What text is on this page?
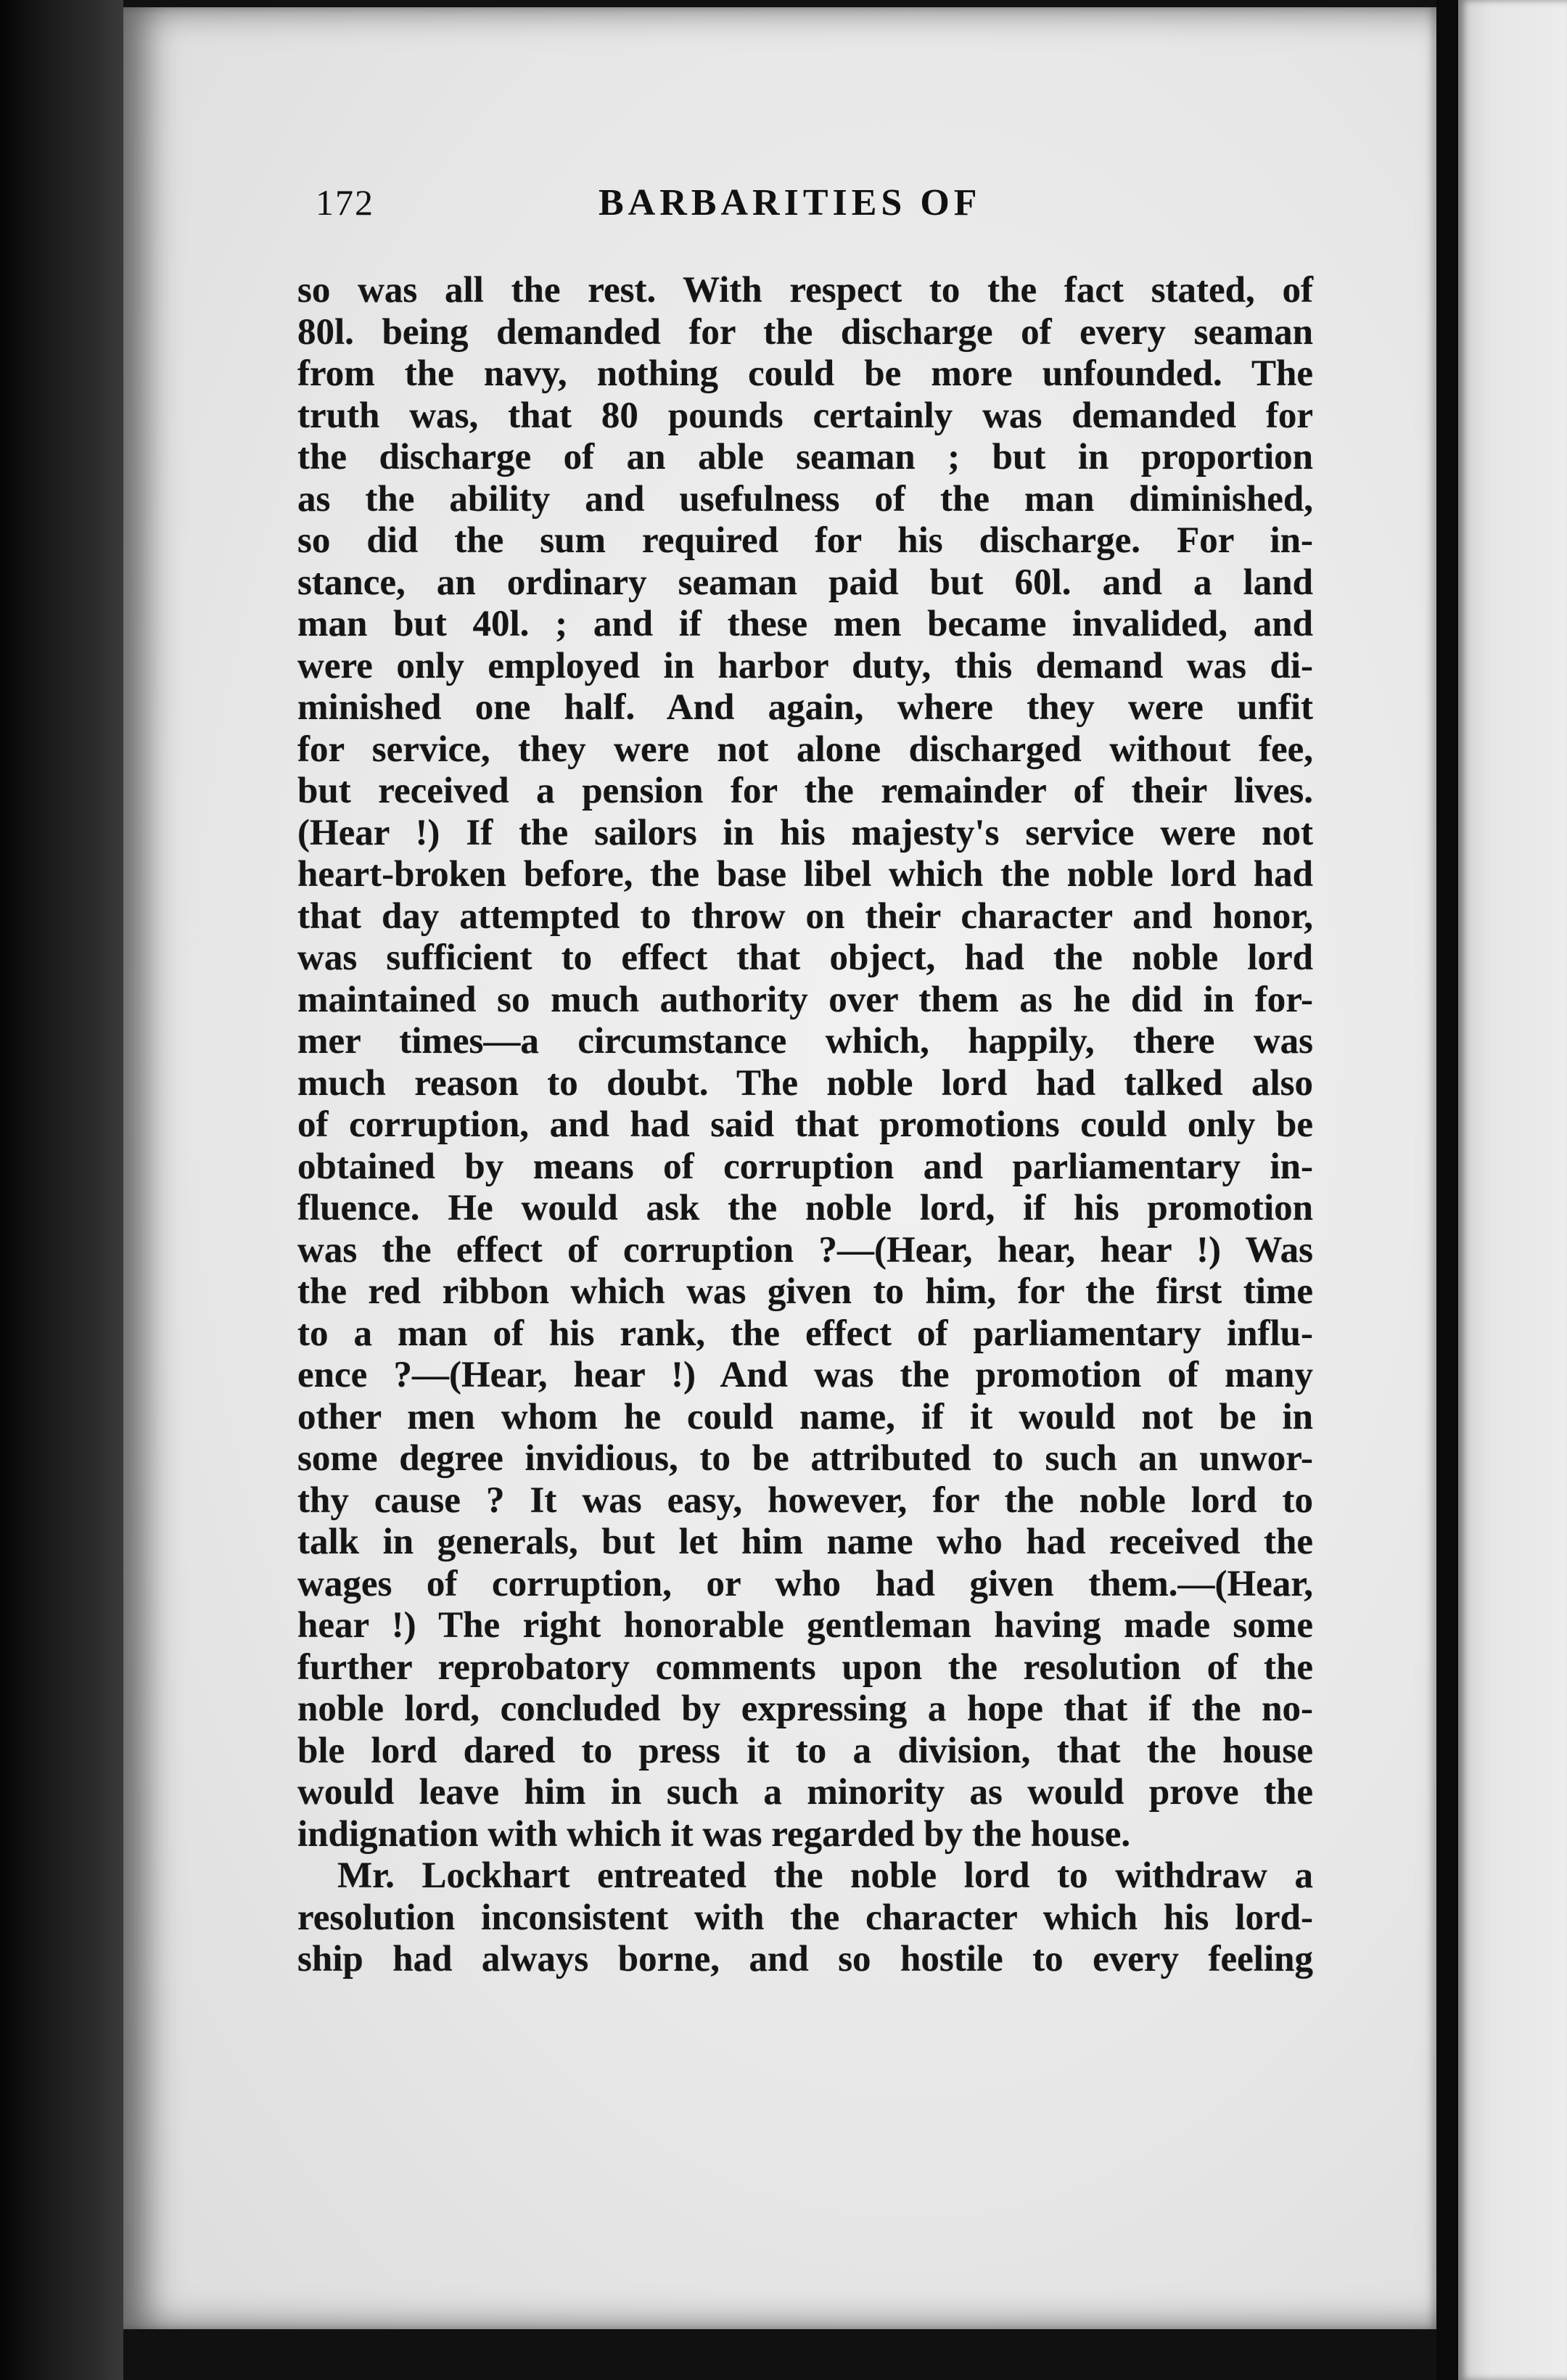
172	BARBARITIES OF
so was all the rest. With respect to the fact stated, of
80l. being demanded for the discharge of every seaman
from the navy, nothing could be more unfounded. The
truth was, that 80 pounds certainly was demanded for
the discharge of an able seaman ; but in proportion
as the ability and usefulness of the man diminished,
so did the sum required for his discharge. For in-
stance, an ordinary seaman paid but 60l. and a land
man but 40l. ; and if these men became invalided, and
were only employed in harbor duty, this demand was di-
minished one half. And again, where they were unfit
for service, they were not alone discharged without fee,
but received a pension for the remainder of their lives.
(Hear !) If the sailors in his majesty's service were not
heart-broken before, the base libel which the noble lord had
that day attempted to throw on their character and honor,
was sufficient to effect that object, had the noble lord
maintained so much authority over them as he did in for-
mer times—a circumstance which, happily, there was
much reason to doubt. The noble lord had talked also
of corruption, and had said that promotions could only be
obtained by means of corruption and parliamentary in-
fluence. He would ask the noble lord, if his promotion
was the effect of corruption ?—(Hear, hear, hear !) Was
the red ribbon which was given to him, for the first time
to a man of his rank, the effect of parliamentary influ-
ence ?—(Hear, hear !) And was the promotion of many
other men whom he could name, if it would not be in
some degree invidious, to be attributed to such an unwor-
thy cause ? It was easy, however, for the noble lord to
talk in generals, but let him name who had received the
wages of corruption, or who had given them.—(Hear,
hear !) The right honorable gentleman having made some
further reprobatory comments upon the resolution of the
noble lord, concluded by expressing a hope that if the no-
ble lord dared to press it to a division, that the house
would leave him in such a minority as would prove the
indignation with which it was regarded by the house.
Mr. Lockhart entreated the noble lord to withdraw a
resolution inconsistent with the character which his lord-
ship had always borne, and so hostile to every feeling
